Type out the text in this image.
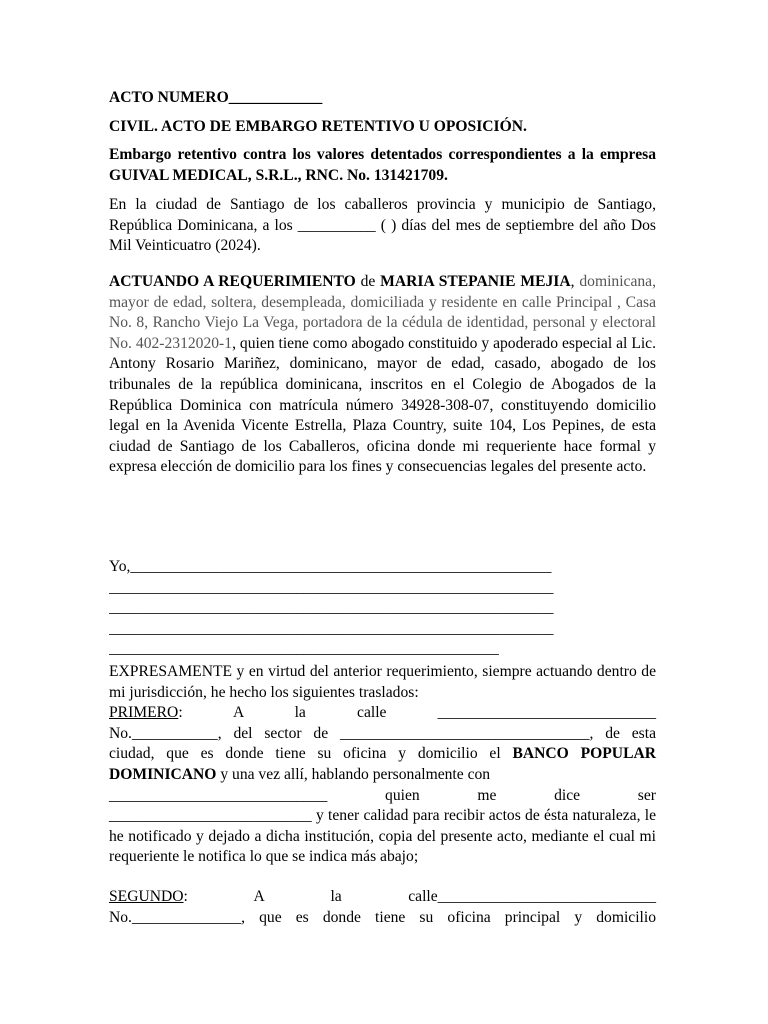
ACTO NUMERO____________

CIVIL. ACTO DE EMBARGO RETENTIVO U OPOSICIÓN.

Embargo retentivo contra los valores detentados correspondientes a la empresa GUIVAL MEDICAL, S.R.L., RNC. No. 131421709.

En la ciudad de Santiago de los caballeros provincia y municipio de Santiago, República Dominicana, a los __________ ( ) días del mes de septiembre del año Dos Mil Veinticuatro (2024).

ACTUANDO A REQUERIMIENTO de MARIA STEPANIE MEJIA, dominicana, mayor de edad, soltera, desempleada, domiciliada y residente en calle Principal , Casa No. 8, Rancho Viejo La Vega, portadora de la cédula de identidad, personal y electoral No. 402-2312020-1, quien tiene como abogado constituido y apoderado especial al Lic. Antony Rosario Mariñez, dominicano, mayor de edad, casado, abogado de los tribunales de la república dominicana, inscritos en el Colegio de Abogados de la República Dominica con matrícula número 34928-308-07, constituyendo domicilio legal en la Avenida Vicente Estrella, Plaza Country, suite 104, Los Pepines, de esta ciudad de Santiago de los Caballeros, oficina donde mi requeriente hace formal y expresa elección de domicilio para los fines y consecuencias legales del presente acto.

Yo,______________________________________________________
_________________________________________________________
_________________________________________________________
_________________________________________________________
__________________________________________________
EXPRESAMENTE y en virtud del anterior requerimiento, siempre actuando dentro de mi jurisdicción, he hecho los siguientes traslados:
PRIMERO: A la calle ____________________________
No.___________, del sector de ________________________________, de esta ciudad, que es donde tiene su oficina y domicilio el BANCO POPULAR DOMINICANO y una vez allí, hablando personalmente con
____________________________ quien me dice ser
__________________________ y tener calidad para recibir actos de ésta naturaleza, le he notificado y dejado a dicha institución, copia del presente acto, mediante el cual mi requeriente le notifica lo que se indica más abajo;
SEGUNDO: A la calle____________________________
No.______________, que es donde tiene su oficina principal y domicilio
